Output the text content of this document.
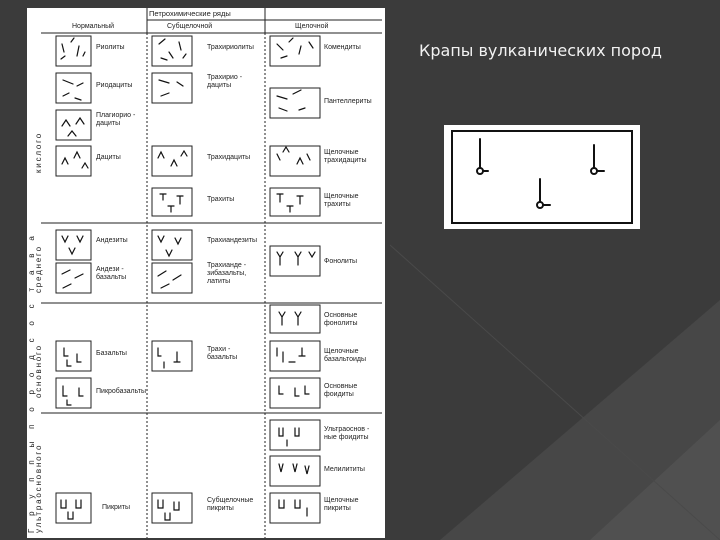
Петрохимические ряды
Нормальный	Субщелочной	Щелочной
Г р у п п ы п о р о д с о с т а в а
кислого
среднего
основного
ультраосновного
Риолиты
Риодациты
Плагиорио -
дациты
Дациты
Андезиты
Андези -
базальты
Базальты
Пикробазальты
Пикриты
Трахириолиты
Трахирио -
дациты
Трахидациты
Трахиты
Трахиандезиты
Трахианде -
зибазальты,
латиты
Трахи -
базальты
Субщелочные
пикриты
Комендиты
Пантеллериты
Щелочные
трахидациты
Щелочные
трахиты
Фонолиты
Основные
фонолиты
Щелочные
базальтоиды
Основные
фоидиты
Ультраоснов -
ные фоидиты
Мелилититы
Щелочные
пикриты
Крапы вулканических пород
